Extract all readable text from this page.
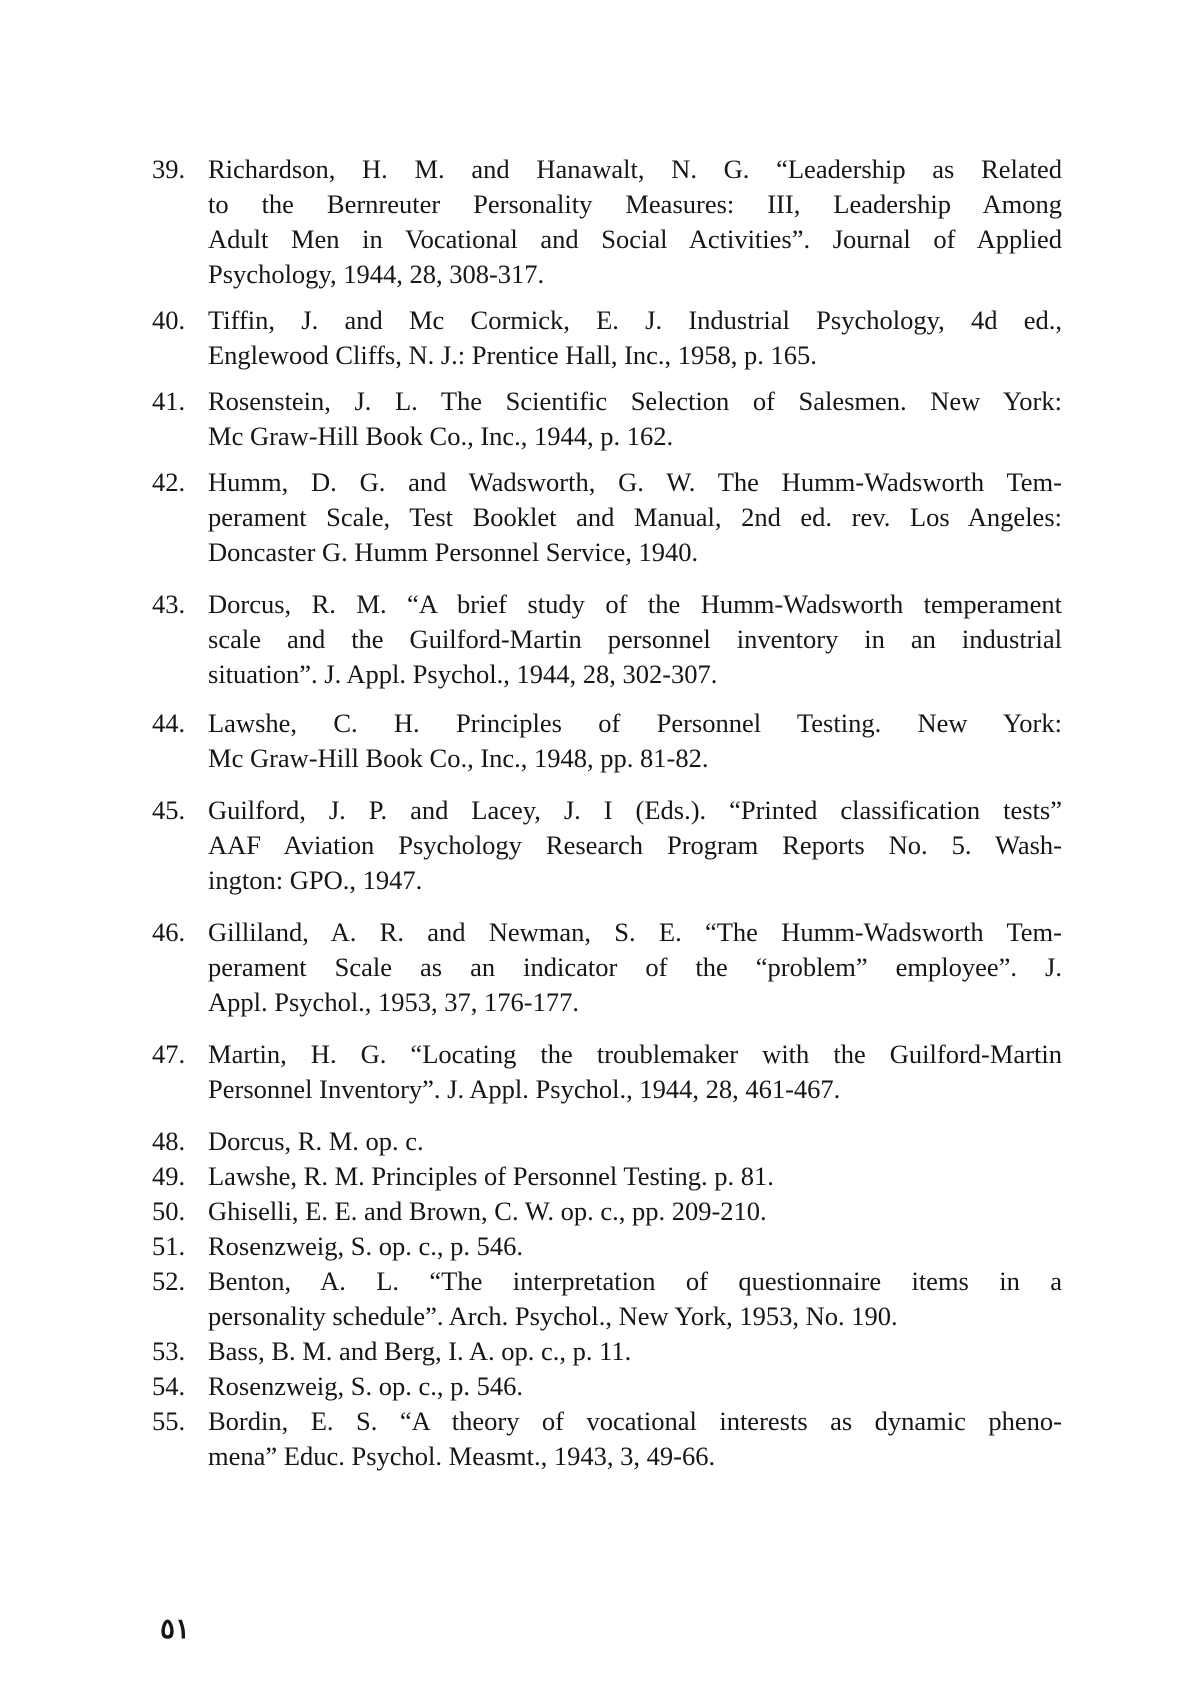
39. Richardson, H. M. and Hanawalt, N. G. “Leadership as Related
to the Bernreuter Personality Measures: III, Leadership Among
Adult Men in Vocational and Social Activities”. Journal of Applied
Psychology, 1944, 28, 308-317.
40. Tiffin, J. and Mc Cormick, E. J. Industrial Psychology, 4d ed.,
Englewood Cliffs, N. J.: Prentice Hall, Inc., 1958, p. 165.
41. Rosenstein, J. L. The Scientific Selection of Salesmen. New York:
Mc Graw-Hill Book Co., Inc., 1944, p. 162.
42. Humm, D. G. and Wadsworth, G. W. The Humm-Wadsworth Tem-
perament Scale, Test Booklet and Manual, 2nd ed. rev. Los Angeles:
Doncaster G. Humm Personnel Service, 1940.
43. Dorcus, R. M. “A brief study of the Humm-Wadsworth temperament
scale and the Guilford-Martin personnel inventory in an industrial
situation”. J. Appl. Psychol., 1944, 28, 302-307.
44. Lawshe, C. H. Principles of Personnel Testing. New York:
Mc Graw-Hill Book Co., Inc., 1948, pp. 81-82.
45. Guilford, J. P. and Lacey, J. I (Eds.). “Printed classification tests”
AAF Aviation Psychology Research Program Reports No. 5. Wash-
ington: GPO., 1947.
46. Gilliland, A. R. and Newman, S. E. “The Humm-Wadsworth Tem-
perament Scale as an indicator of the “problem” employee”. J.
Appl. Psychol., 1953, 37, 176-177.
47. Martin, H. G. “Locating the troublemaker with the Guilford-Martin
Personnel Inventory”. J. Appl. Psychol., 1944, 28, 461-467.
48. Dorcus, R. M. op. c.
49. Lawshe, R. M. Principles of Personnel Testing. p. 81.
50. Ghiselli, E. E. and Brown, C. W. op. c., pp. 209-210.
51. Rosenzweig, S. op. c., p. 546.
52. Benton, A. L. “The interpretation of questionnaire items in a
personality schedule”. Arch. Psychol., New York, 1953, No. 190.
53. Bass, B. M. and Berg, I. A. op. c., p. 11.
54. Rosenzweig, S. op. c., p. 546.
55. Bordin, E. S. “A theory of vocational interests as dynamic pheno-
mena” Educ. Psychol. Measmt., 1943, 3, 49-66.
٥١
